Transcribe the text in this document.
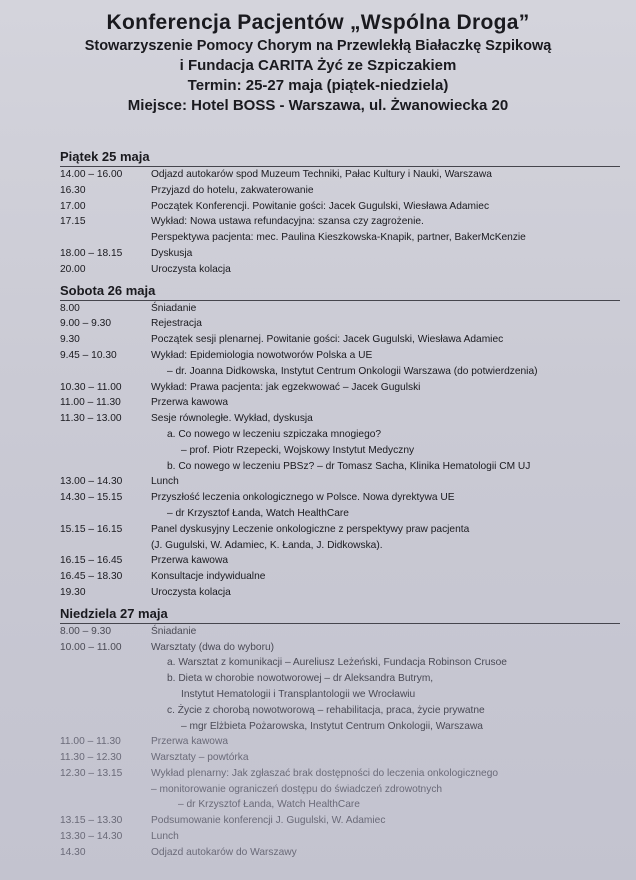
Konferencja Pacjentów „Wspólna Droga”
Stowarzyszenie Pomocy Chorym na Przewlekłą Białaczkę Szpikową
i Fundacja CARITA Żyć ze Szpiczakiem
Termin: 25-27 maja (piątek-niedziela)
Miejsce: Hotel BOSS - Warszawa, ul. Żwanowiecka 20
Piątek 25 maja
14.00 – 16.00	Odjazd autokarów spod Muzeum Techniki, Pałac Kultury i Nauki, Warszawa
16.30	Przyjazd do hotelu, zakwaterowanie
17.00	Początek Konferencji. Powitanie gości: Jacek Gugulski, Wiesława Adamiec
17.15	Wykład: Nowa ustawa refundacyjna: szansa czy zagrożenie.
Perspektywa pacjenta: mec. Paulina Kieszkowska-Knapik, partner, BakerMcKenzie
18.00 – 18.15	Dyskusja
20.00	Uroczysta kolacja
Sobota 26 maja
8.00	Śniadanie
9.00 – 9.30	Rejestracja
9.30	Początek sesji plenarnej. Powitanie gości: Jacek Gugulski, Wiesława Adamiec
9.45 – 10.30	Wykład: Epidemiologia nowotworów Polska a UE
– dr. Joanna Didkowska, Instytut Centrum Onkologii Warszawa (do potwierdzenia)
10.30 – 11.00	Wykład: Prawa pacjenta: jak egzekwować – Jacek Gugulski
11.00 – 11.30	Przerwa kawowa
11.30 – 13.00	Sesje równoległe. Wykład, dyskusja
a. Co nowego w leczeniu szpiczaka mnogiego?
– prof. Piotr Rzepecki, Wojskowy Instytut Medyczny
b. Co nowego w leczeniu PBSz? – dr Tomasz Sacha, Klinika Hematologii CM UJ
13.00 – 14.30	Lunch
14.30 – 15.15	Przyszłość leczenia onkologicznego w Polsce. Nowa dyrektywa UE
– dr Krzysztof Łanda, Watch HealthCare
15.15 – 16.15	Panel dyskusyjny Leczenie onkologiczne z perspektywy praw pacjenta
(J. Gugulski, W. Adamiec, K. Łanda, J. Didkowska).
16.15 – 16.45	Przerwa kawowa
16.45 – 18.30	Konsultacje indywidualne
19.30	Uroczysta kolacja
Niedziela 27 maja
8.00 – 9.30	Śniadanie
10.00 – 11.00	Warsztaty (dwa do wyboru)
a. Warsztat z komunikacji – Aureliusz Leżeński, Fundacja Robinson Crusoe
b. Dieta w chorobie nowotworowej – dr Aleksandra Butrym,
Instytut Hematologii i Transplantologii we Wrocławiu
c. Życie z chorobą nowotworową – rehabilitacja, praca, życie prywatne
– mgr Elżbieta Pożarowska, Instytut Centrum Onkologii, Warszawa
11.00 – 11.30	Przerwa kawowa
11.30 – 12.30	Warsztaty – powtórka
12.30 – 13.15	Wykład plenarny: Jak zgłaszać brak dostępności do leczenia onkologicznego
– monitorowanie ograniczeń dostępu do świadczeń zdrowotnych
– dr Krzysztof Łanda, Watch HealthCare
13.15 – 13.30	Podsumowanie konferencji J. Gugulski, W. Adamiec
13.30 – 14.30	Lunch
14.30	Odjazd autokarów do Warszawy
